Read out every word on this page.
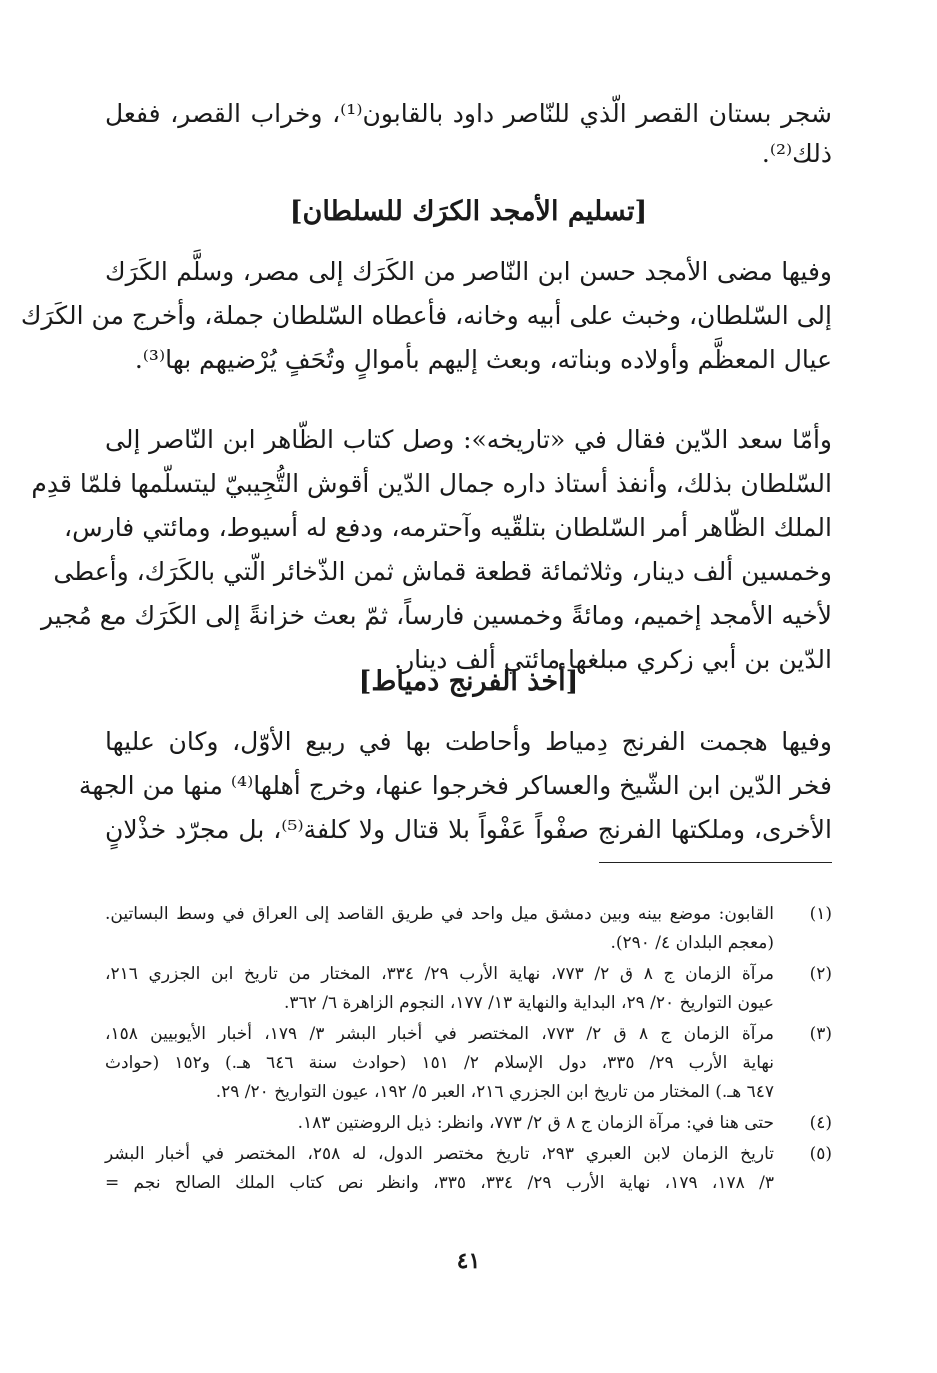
شجر بستان القصر الّذي للنّاصر داود بالقابون⁽¹⁾، وخراب القصر، ففعل
ذلك⁽²⁾.
[تسليم الأمجد الكرَك للسلطان]
وفيها مضى الأمجد حسن ابن النّاصر من الكَرَك إلى مصر، وسلَّم الكَرَك
إلى السّلطان، وخبث على أبيه وخانه، فأعطاه السّلطان جملة، وأخرج من الكَرَك
عيال المعظَّم وأولاده وبناته، وبعث إليهم بأموالٍ وتُحَفٍ يُرْضيهم بها⁽³⁾.
وأمّا سعد الدّين فقال في «تاريخه»: وصل كتاب الظّاهر ابن النّاصر إلى
السّلطان بذلك، وأنفذ أستاذ داره جمال الدّين أقوش التُّجِيبيّ ليتسلّمها فلمّا قدِم
الملك الظّاهر أمر السّلطان بتلقّيه وآحترمه، ودفع له أسيوط، ومائتي فارس،
وخمسين ألف دينار، وثلاثمائة قطعة قماش ثمن الذّخائر الّتي بالكَرَك، وأعطى
لأخيه الأمجد إخميم، ومائةً وخمسين فارساً، ثمّ بعث خزانةً إلى الكَرَك مع مُجير
الدّين بن أبي زكري مبلغها مائتي ألف دينار.
[أخذ الفرنج دمياط]
وفيها هجمت الفرنج دِمياط وأحاطت بها في ربيع الأوّل، وكان عليها
فخر الدّين ابن الشّيخ والعساكر فخرجوا عنها، وخرج أهلها⁽⁴⁾ منها من الجهة
الأخرى، وملكتها الفرنج صفْواً عَفْواً بلا قتال ولا كلفة⁽⁵⁾، بل مجرّد خذْلانٍ
(١)
القابون: موضع بينه وبين دمشق ميل واحد في طريق القاصد إلى العراق في وسط البساتين.
(معجم البلدان ٤/ ٢٩٠).
(٢)
مرآة الزمان ج ٨ ق ٢/ ٧٧٣، نهاية الأرب ٢٩/ ٣٣٤، المختار من تاريخ ابن الجزري ٢١٦،
عيون التواريخ ٢٠/ ٢٩، البداية والنهاية ١٣/ ١٧٧، النجوم الزاهرة ٦/ ٣٦٢.
(٣)
مرآة الزمان ج ٨ ق ٢/ ٧٧٣، المختصر في أخبار البشر ٣/ ١٧٩، أخبار الأيوبيين ١٥٨،
نهاية الأرب ٢٩/ ٣٣٥، دول الإسلام ٢/ ١٥١ (حوادث سنة ٦٤٦ هـ.) و١٥٢ (حوادث
٦٤٧ هـ.) المختار من تاريخ ابن الجزري ٢١٦، العبر ٥/ ١٩٢، عيون التواريخ ٢٠/ ٢٩.
(٤)
حتى هنا في: مرآة الزمان ج ٨ ق ٢/ ٧٧٣، وانظر: ذيل الروضتين ١٨٣.
(٥)
تاريخ الزمان لابن العبري ٢٩٣، تاريخ مختصر الدول، له ٢٥٨، المختصر في أخبار البشر
٣/ ١٧٨، ١٧٩، نهاية الأرب ٢٩/ ٣٣٤، ٣٣٥، وانظر نص كتاب الملك الصالح نجم =
٤١
